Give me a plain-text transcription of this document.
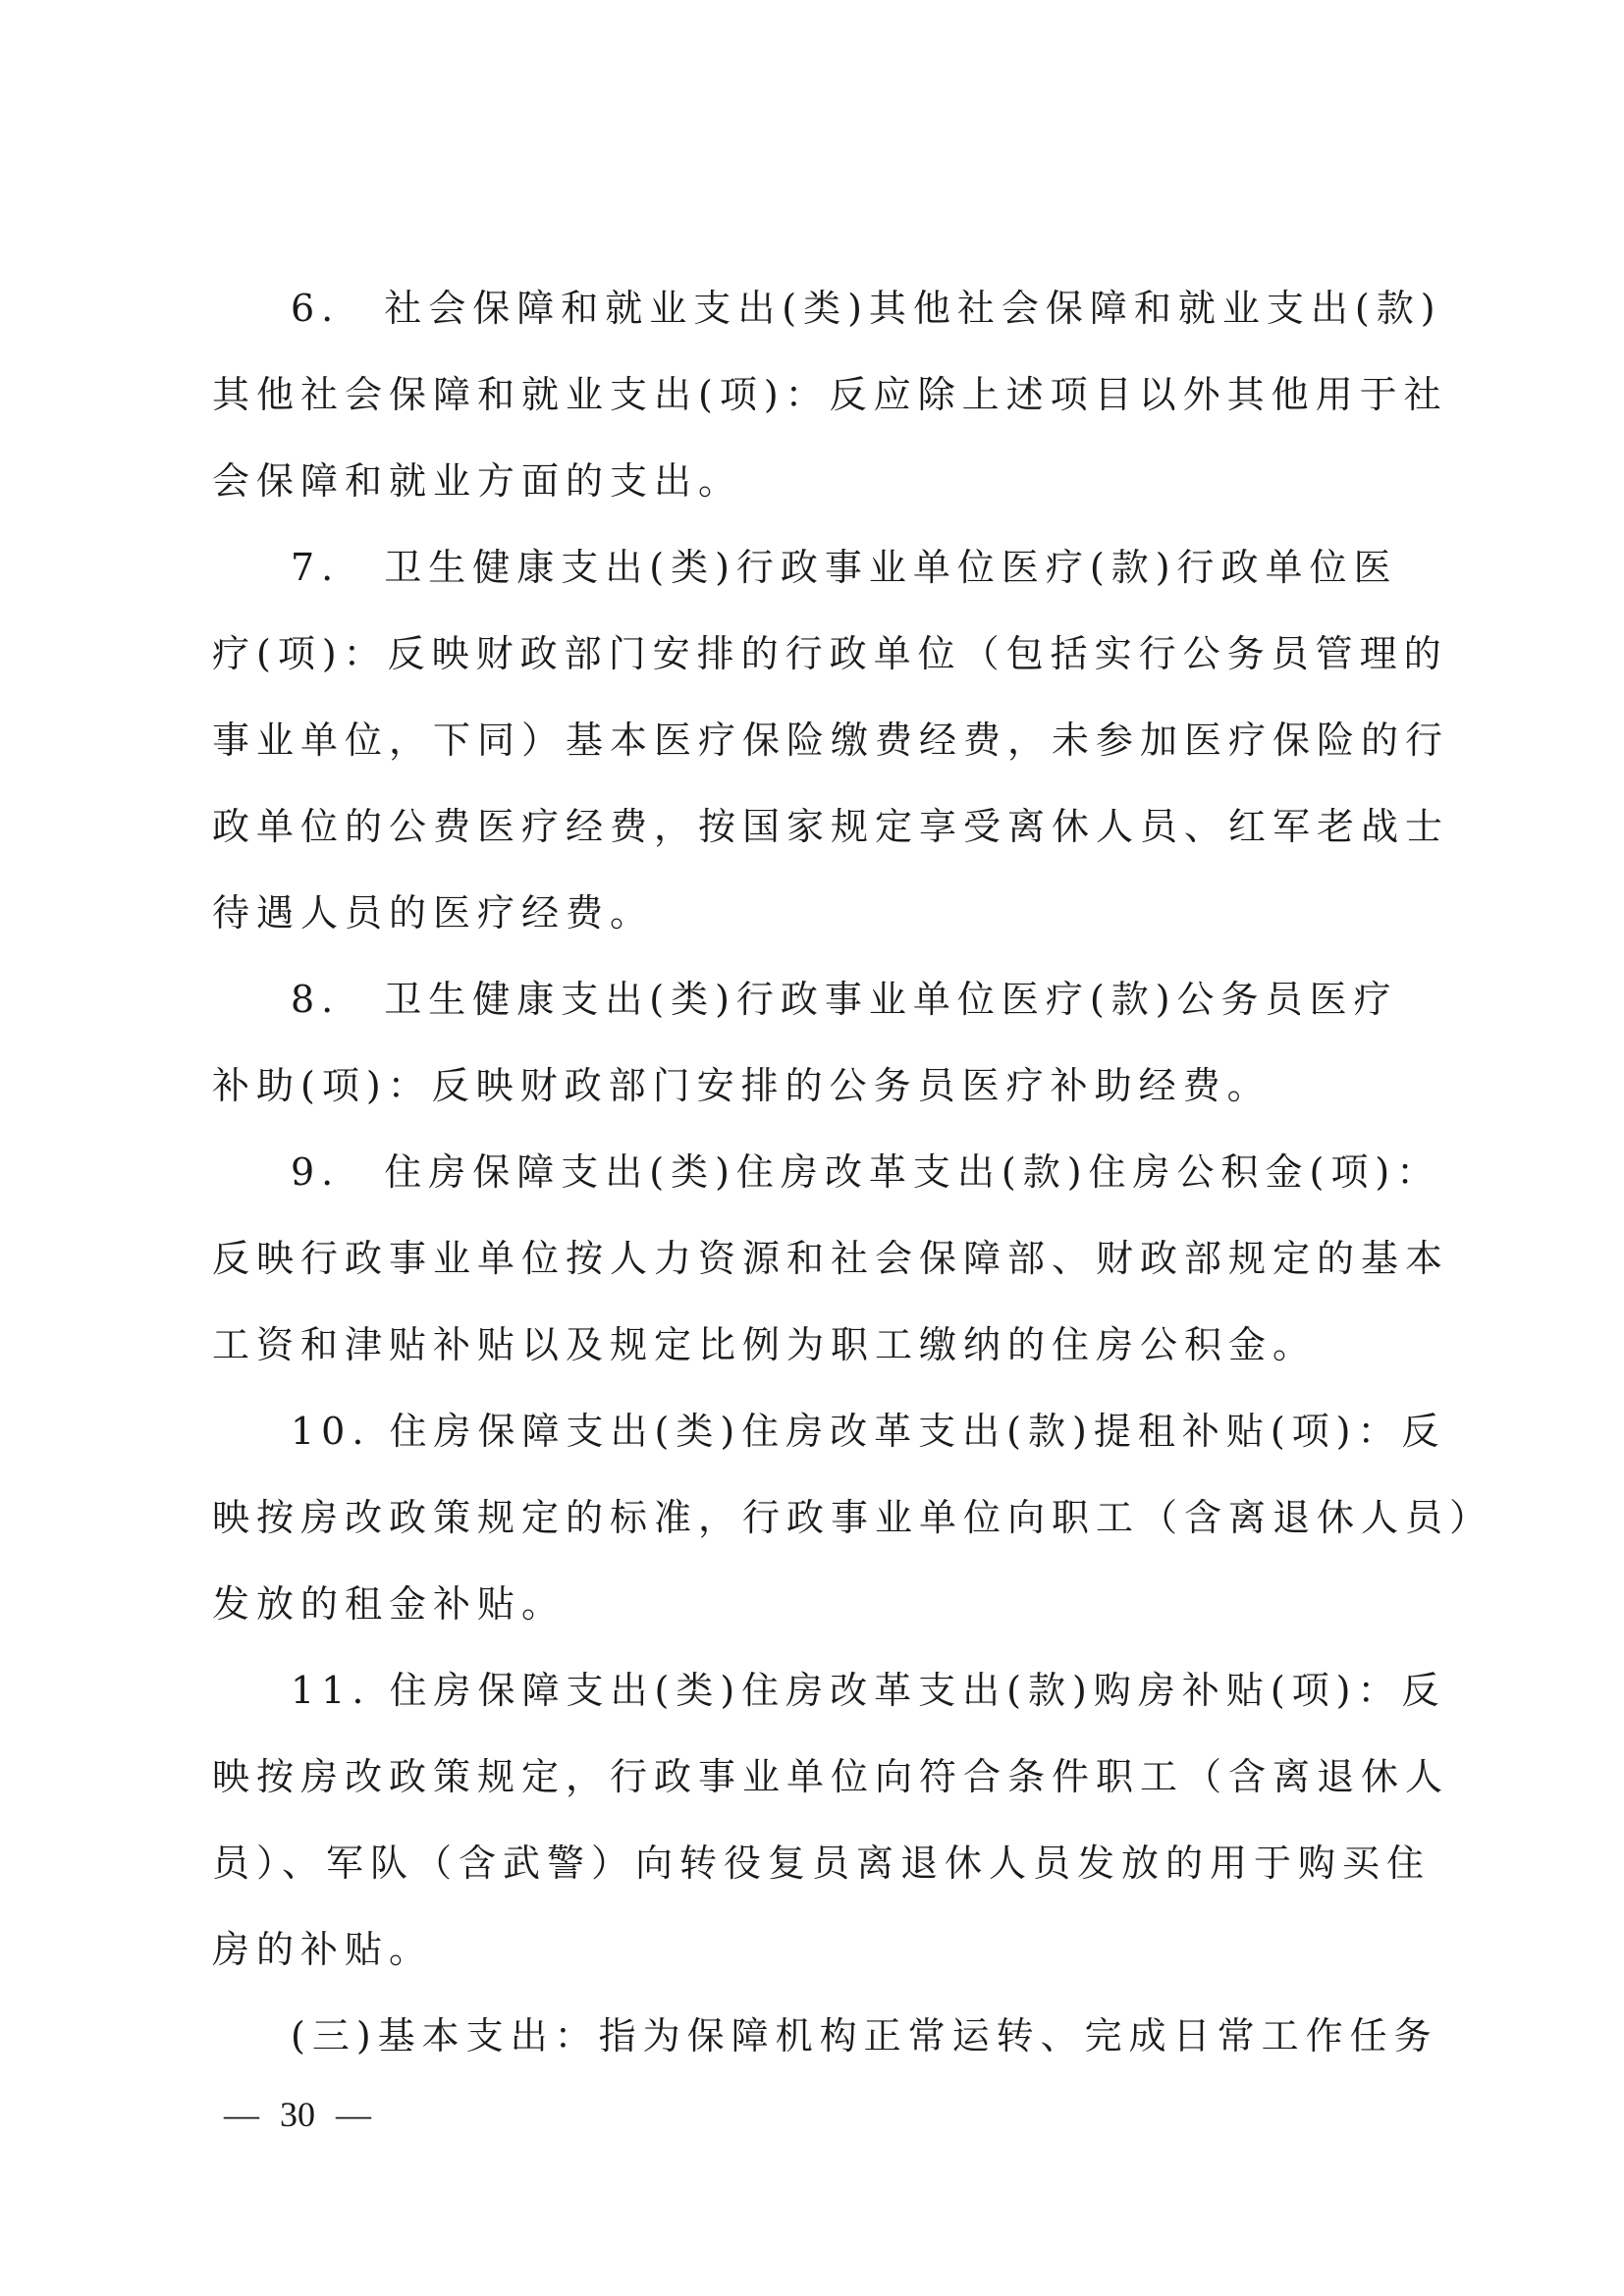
6.　社会保障和就业支出(类)其他社会保障和就业支出(款)
其他社会保障和就业支出(项)：反应除上述项目以外其他用于社
会保障和就业方面的支出。
7.　卫生健康支出(类)行政事业单位医疗(款)行政单位医
疗(项)：反映财政部门安排的行政单位（包括实行公务员管理的
事业单位，下同）基本医疗保险缴费经费，未参加医疗保险的行
政单位的公费医疗经费，按国家规定享受离休人员、红军老战士
待遇人员的医疗经费。
8.　卫生健康支出(类)行政事业单位医疗(款)公务员医疗
补助(项)：反映财政部门安排的公务员医疗补助经费。
9.　住房保障支出(类)住房改革支出(款)住房公积金(项)：
反映行政事业单位按人力资源和社会保障部、财政部规定的基本
工资和津贴补贴以及规定比例为职工缴纳的住房公积金。
10. 住房保障支出(类)住房改革支出(款)提租补贴(项)：反
映按房改政策规定的标准，行政事业单位向职工（含离退休人员）
发放的租金补贴。
11. 住房保障支出(类)住房改革支出(款)购房补贴(项)：反
映按房改政策规定，行政事业单位向符合条件职工（含离退休人
员）、军队（含武警）向转役复员离退休人员发放的用于购买住
房的补贴。
(三)基本支出：指为保障机构正常运转、完成日常工作任务
— 30 —
